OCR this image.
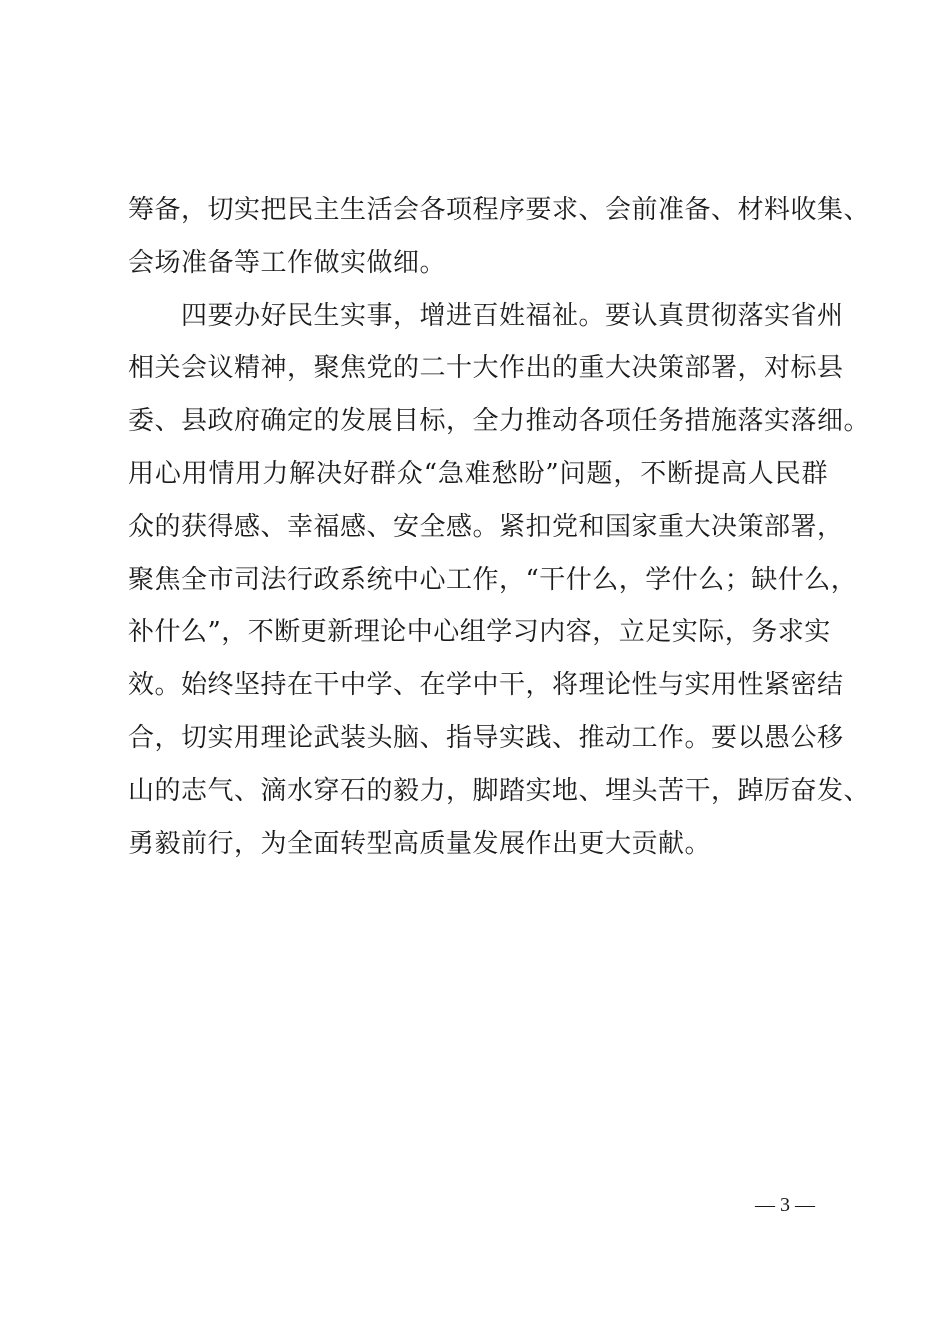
筹备，切实把民主生活会各项程序要求、会前准备、材料收集、
会场准备等工作做实做细。
　　四要办好民生实事，增进百姓福祉。要认真贯彻落实省州
相关会议精神，聚焦党的二十大作出的重大决策部署，对标县
委、县政府确定的发展目标，全力推动各项任务措施落实落细。
用心用情用力解决好群众“急难愁盼”问题，不断提高人民群
众的获得感、幸福感、安全感。紧扣党和国家重大决策部署，
聚焦全市司法行政系统中心工作，“干什么，学什么；缺什么，
补什么”，不断更新理论中心组学习内容，立足实际，务求实
效。始终坚持在干中学、在学中干，将理论性与实用性紧密结
合，切实用理论武装头脑、指导实践、推动工作。要以愚公移
山的志气、滴水穿石的毅力，脚踏实地、埋头苦干，踔厉奋发、
勇毅前行，为全面转型高质量发展作出更大贡献。
— 3 —
